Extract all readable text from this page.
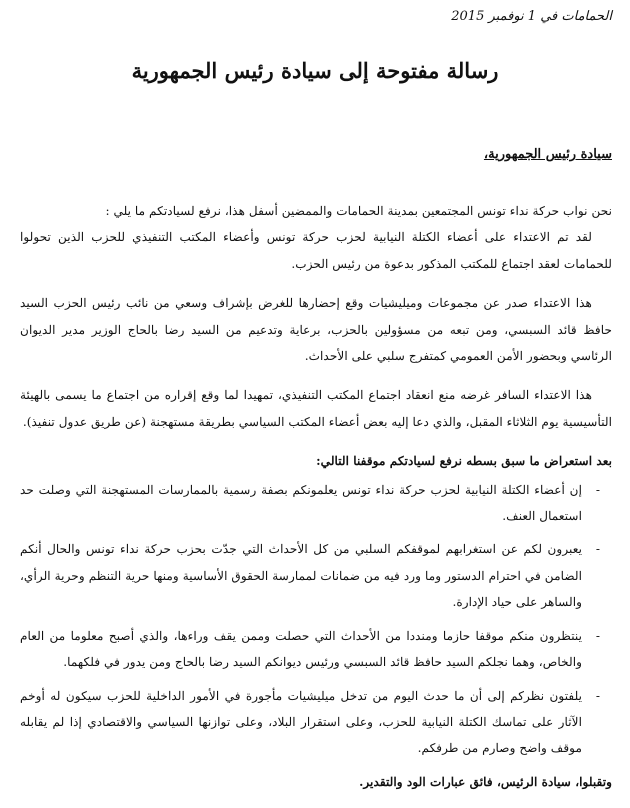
الحمامات في 1 نوفمبر 2015
رسالة مفتوحة إلى سيادة رئيس الجمهورية
سيادة رئيس الجمهورية،

نحن نواب حركة نداء تونس المجتمعين بمدينة الحمامات والممضين أسفل هذا، نرفع لسيادتكم ما يلي :

لقد تم الاعتداء على أعضاء الكتلة النيابية لحزب حركة تونس وأعضاء المكتب التنفيذي للحزب الذين تحولوا للحمامات لعقد اجتماع للمكتب المذكور بدعوة من رئيس الحزب.

هذا الاعتداء صدر عن مجموعات وميليشيات وقع إحضارها للغرض بإشراف وسعي من نائب رئيس الحزب السيد حافظ قائد السبسي، ومن تبعه من مسؤولين بالحزب، برعاية وتدعيم من السيد رضا بالحاج الوزير مدير الديوان الرئاسي وبحضور الأمن العمومي كمتفرج سلبي على الأحداث.

هذا الاعتداء السافر غرضه منع انعقاد اجتماع المكتب التنفيذي، تمهيدا لما وقع إقراره من اجتماع ما يسمى بالهيئة التأسيسية يوم الثلاثاء المقبل، والذي دعا إليه بعض أعضاء المكتب السياسي بطريقة مستهجنة (عن طريق عدول تنفيذ).

بعد استعراض ما سبق بسطه نرفع لسيادتكم موقفنا التالي:

-
إن أعضاء الكتلة النيابية لحزب حركة نداء تونس يعلمونكم بصفة رسمية بالممارسات المستهجنة التي وصلت حد استعمال العنف.
-
يعبرون لكم عن استغرابهم لموقفكم السلبي من كل الأحداث التي جدّت بحزب حركة نداء تونس والحال أنكم الضامن في احترام الدستور وما ورد فيه من ضمانات لممارسة الحقوق الأساسية ومنها حرية التنظم وحرية الرأي، والساهر على حياد الإدارة.
-
ينتظرون منكم موقفا حازما ومنددا من الأحداث التي حصلت وممن يقف وراءها، والذي أصبح معلوما من العام والخاص، وهما نجلكم السيد حافظ قائد السبسي ورئيس ديوانكم السيد رضا بالحاج ومن يدور في فلكهما.
-
يلفتون نظركم إلى أن ما حدث اليوم من تدخل ميليشيات مأجورة في الأمور الداخلية للحزب سيكون له أوخم الآثار على تماسك الكتلة النيابية للحزب، وعلى استقرار البلاد، وعلى توازنها السياسي والاقتصادي إذا لم يقابله موقف واضح وصارم من طرفكم.

وتقبلوا، سيادة الرئيس، فائق عبارات الود والتقدير.
